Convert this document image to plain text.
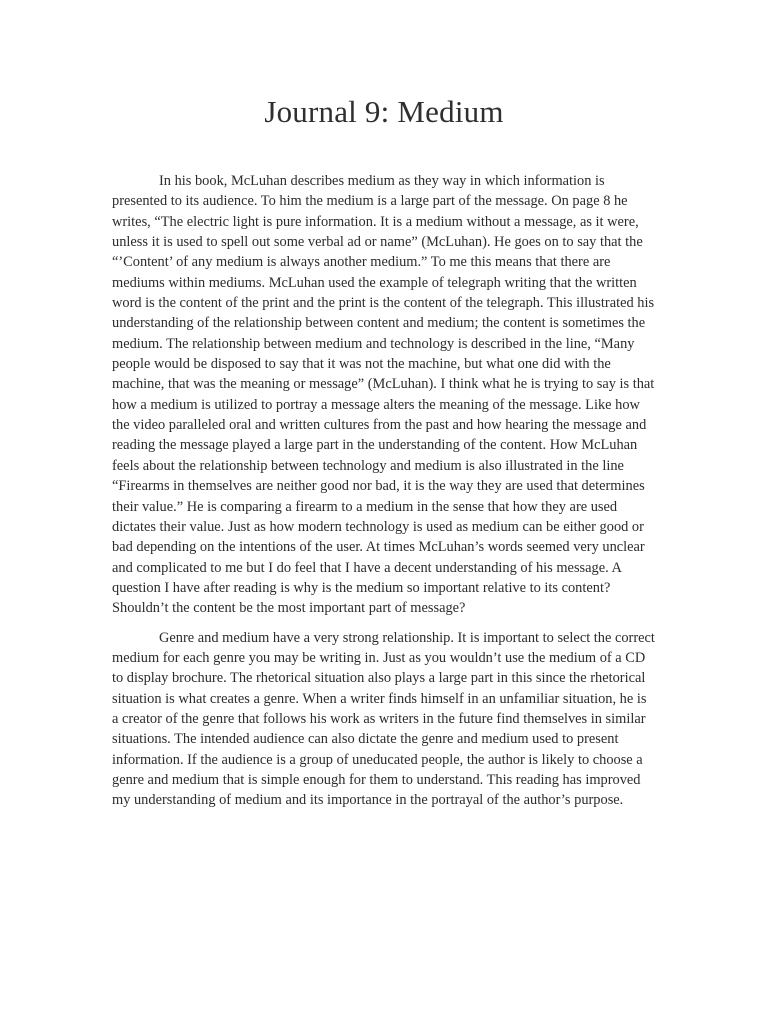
Journal 9: Medium

In his book, McLuhan describes medium as they way in which information is presented to its audience. To him the medium is a large part of the message. On page 8 he writes, “The electric light is pure information. It is a medium without a message, as it were, unless it is used to spell out some verbal ad or name” (McLuhan). He goes on to say that the “’Content’ of any medium is always another medium.” To me this means that there are mediums within mediums. McLuhan used the example of telegraph writing that the written word is the content of the print and the print is the content of the telegraph. This illustrated his understanding of the relationship between content and medium; the content is sometimes the medium. The relationship between medium and technology is described in the line, “Many people would be disposed to say that it was not the machine, but what one did with the machine, that was the meaning or message” (McLuhan). I think what he is trying to say is that how a medium is utilized to portray a message alters the meaning of the message. Like how the video paralleled oral and written cultures from the past and how hearing the message and reading the message played a large part in the understanding of the content. How McLuhan feels about the relationship between technology and medium is also illustrated in the line “Firearms in themselves are neither good nor bad, it is the way they are used that determines their value.” He is comparing a firearm to a medium in the sense that how they are used dictates their value. Just as how modern technology is used as medium can be either good or bad depending on the intentions of the user. At times McLuhan’s words seemed very unclear and complicated to me but I do feel that I have a decent understanding of his message. A question I have after reading is why is the medium so important relative to its content? Shouldn’t the content be the most important part of message?

Genre and medium have a very strong relationship. It is important to select the correct medium for each genre you may be writing in. Just as you wouldn’t use the medium of a CD to display brochure. The rhetorical situation also plays a large part in this since the rhetorical situation is what creates a genre. When a writer finds himself in an unfamiliar situation, he is a creator of the genre that follows his work as writers in the future find themselves in similar situations. The intended audience can also dictate the genre and medium used to present information. If the audience is a group of uneducated people, the author is likely to choose a genre and medium that is simple enough for them to understand. This reading has improved my understanding of medium and its importance in the portrayal of the author’s purpose.
